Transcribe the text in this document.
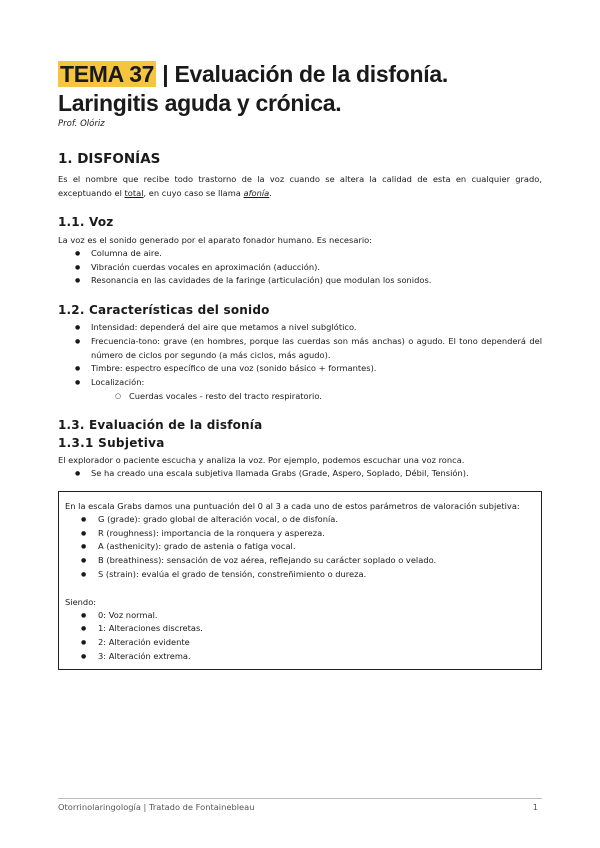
TEMA 37 | Evaluación de la disfonía. Laringitis aguda y crónica.
Prof. Olóriz
1. DISFONÍAS

Es el nombre que recibe todo trastorno de la voz cuando se altera la calidad de esta en cualquier grado, exceptuando el total, en cuyo caso se llama afonía.

1.1. Voz

La voz es el sonido generado por el aparato fonador humano. Es necesario:

● Columna de aire.
● Vibración cuerdas vocales en aproximación (aducción).
● Resonancia en las cavidades de la faringe (articulación) que modulan los sonidos.
1.2. Características del sonido
● Intensidad: dependerá del aire que metamos a nivel subglótico.
● Frecuencia-tono: grave (en hombres, porque las cuerdas son más anchas) o agudo. El tono dependerá del número de ciclos por segundo (a más ciclos, más agudo).
● Timbre: espectro específico de una voz (sonido básico + formantes).
● Localización:
○ Cuerdas vocales - resto del tracto respiratorio.
1.3. Evaluación de la disfonía
1.3.1 Subjetiva

El explorador o paciente escucha y analiza la voz. Por ejemplo, podemos escuchar una voz ronca.

● Se ha creado una escala subjetiva llamada Grabs (Grade, Aspero, Soplado, Débil, Tensión).

En la escala Grabs damos una puntuación del 0 al 3 a cada uno de estos parámetros de valoración subjetiva:

● G (grade): grado global de alteración vocal, o de disfonía.
● R (roughness): importancia de la ronquera y aspereza.
● A (asthenicity): grado de astenia o fatiga vocal.
● B (breathiness): sensación de voz aérea, reflejando su carácter soplado o velado.
● S (strain): evalúa el grado de tensión, constreñimiento o dureza.

Siendo:

● 0: Voz normal.
● 1: Alteraciones discretas.
● 2: Alteración evidente
● 3: Alteración extrema.
Otorrinolaringología | Tratado de Fontainebleau	1
